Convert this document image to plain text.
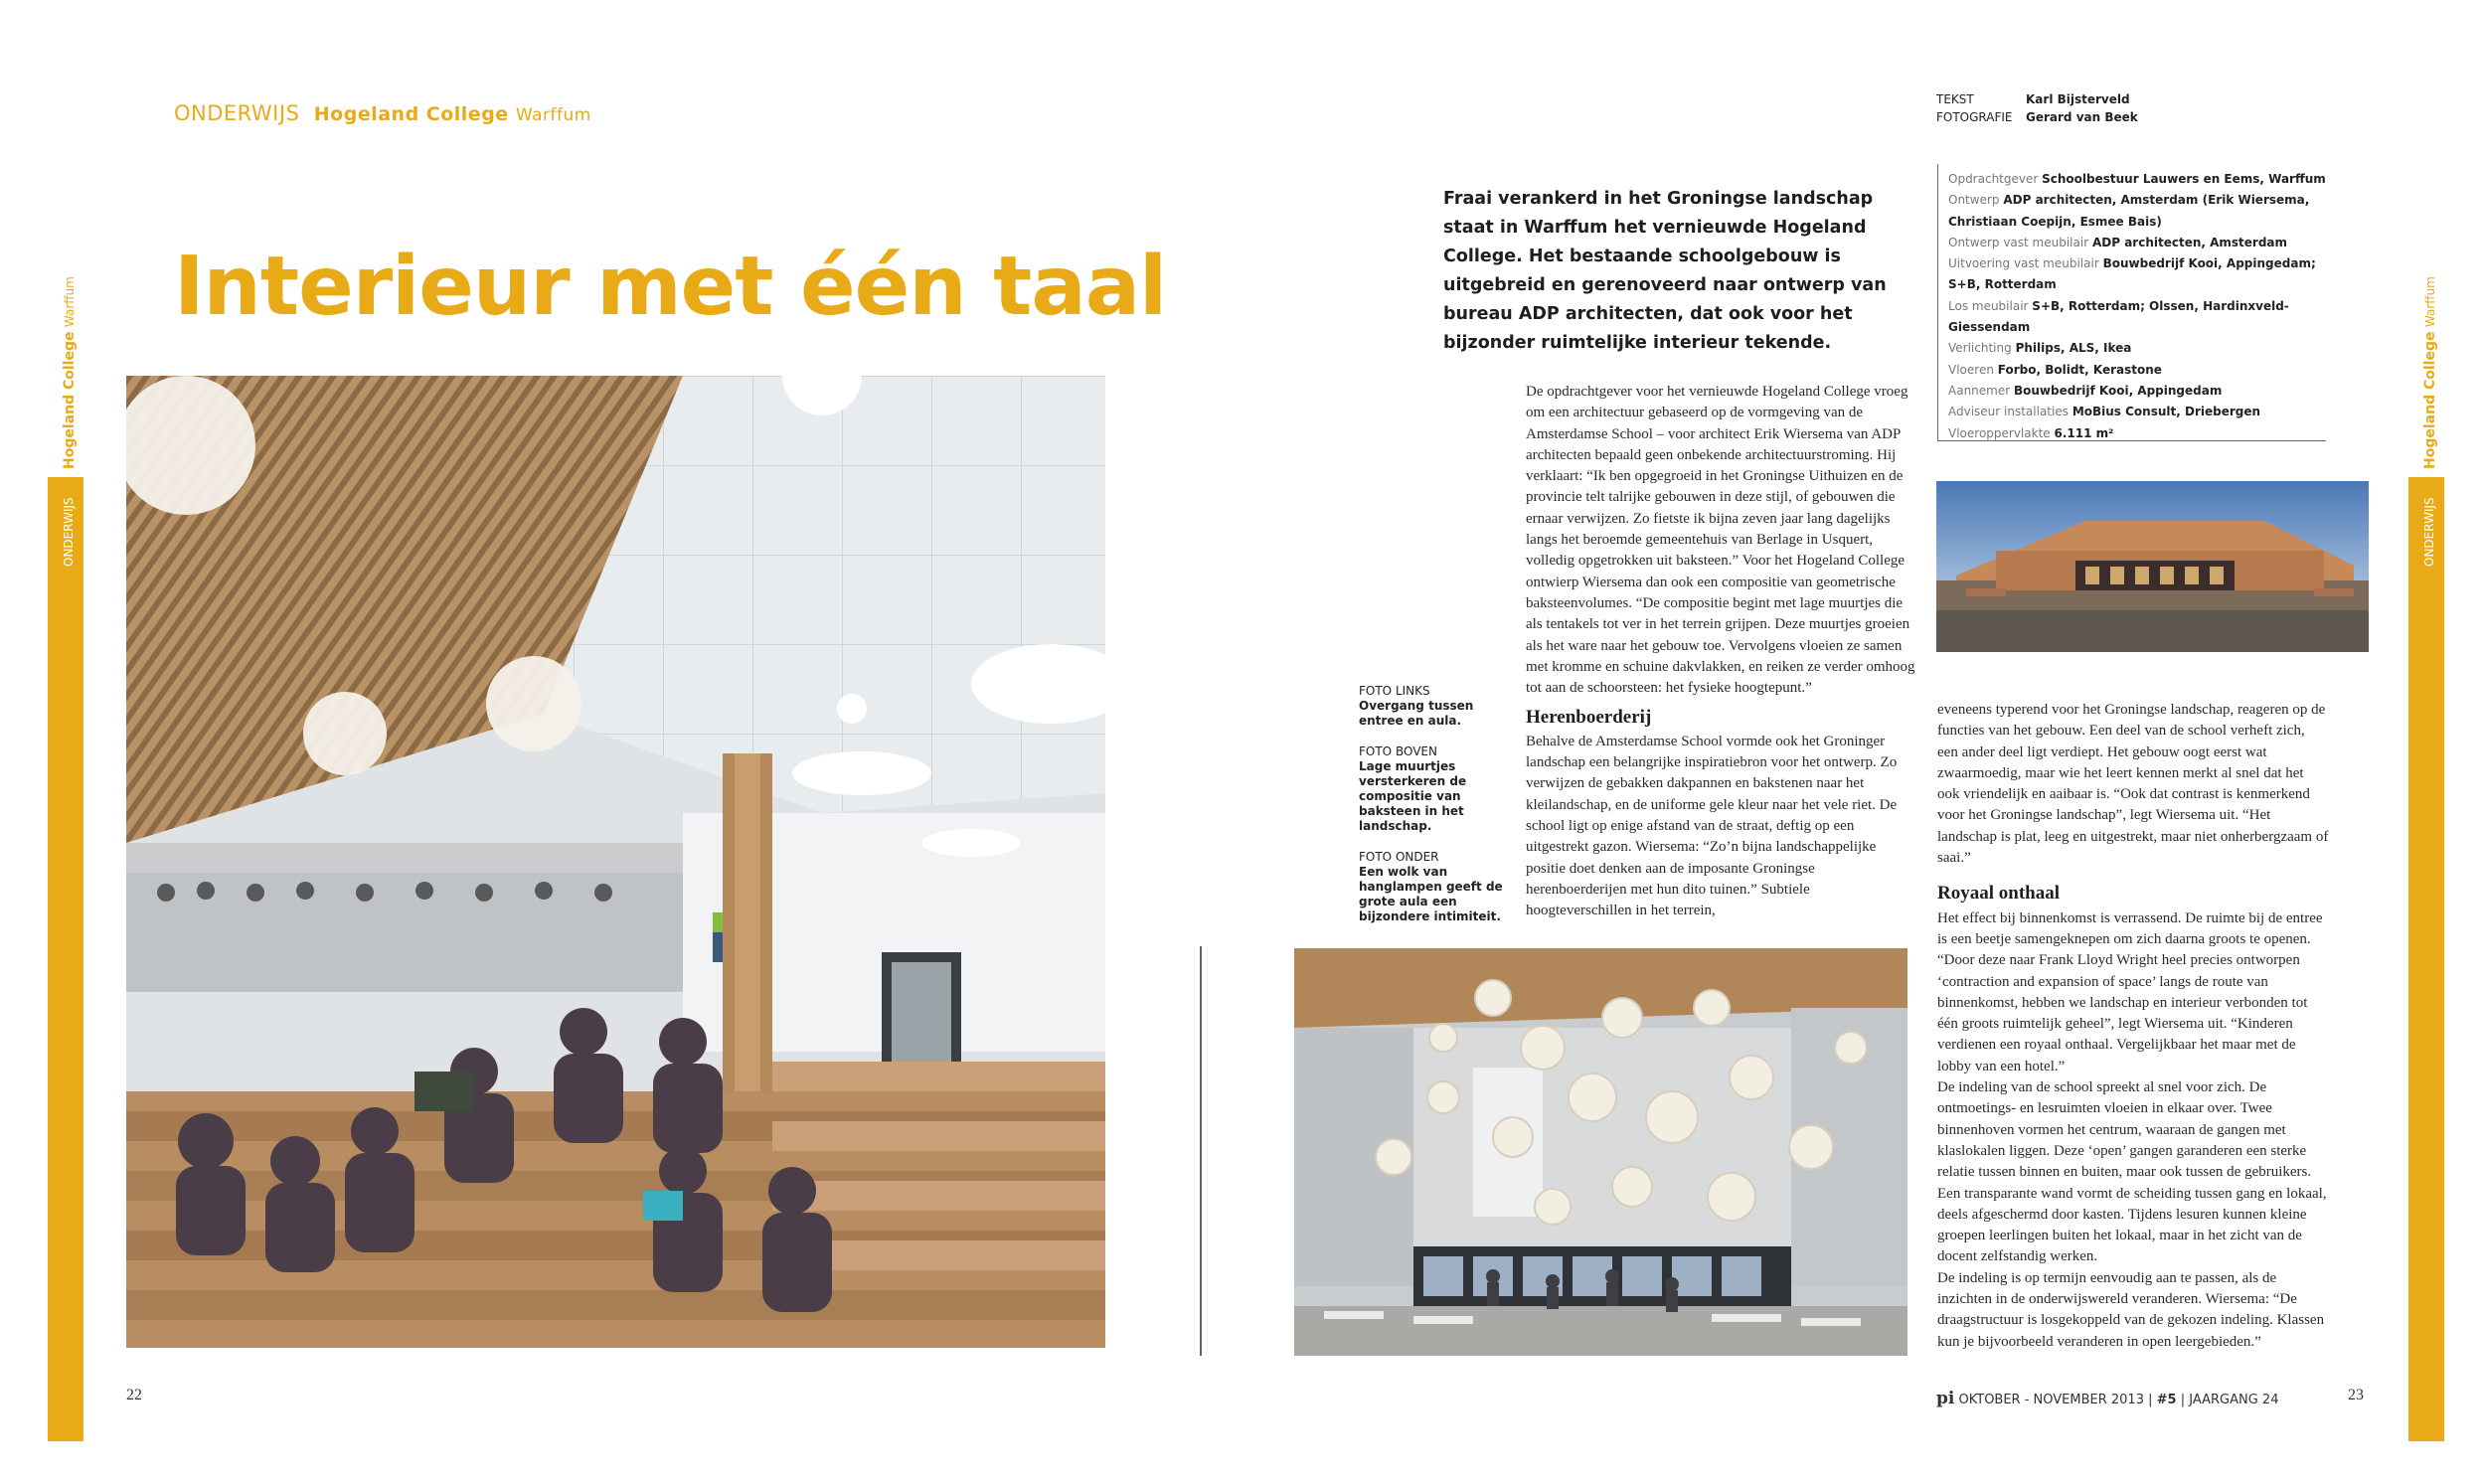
Hogeland College Warffum
ONDERWIJS
Hogeland College Warffum
ONDERWIJS
ONDERWIJS Hogeland College Warffum
Interieur met één taal
FOTO LINKS
Overgang tussen entree en aula.
FOTO BOVEN
Lage muurtjes versterkeren de compositie van baksteen in het landschap.
FOTO ONDER
Een wolk van hanglampen geeft de grote aula een bijzondere intimiteit.
TEKST	Karl Bijsterveld
FOTOGRAFIE Gerard van Beek
Fraai verankerd in het Groningse landschap staat in Warffum het vernieuwde Hogeland College. Het bestaande schoolgebouw is uitgebreid en gerenoveerd naar ontwerp van bureau ADP architecten, dat ook voor het bijzonder ruimtelijke interieur tekende.
Opdrachtgever Schoolbestuur Lauwers en Eems, Warffum
Ontwerp ADP architecten, Amsterdam (Erik Wiersema, Christiaan Coepijn, Esmee Bais)
Ontwerp vast meubilair ADP architecten, Amsterdam
Uitvoering vast meubilair Bouwbedrijf Kooi, Appingedam; S+B, Rotterdam
Los meubilair S+B, Rotterdam; Olssen, Hardinxveld-Giessendam
Verlichting Philips, ALS, Ikea
Vloeren Forbo, Bolidt, Kerastone
Aannemer Bouwbedrijf Kooi, Appingedam
Adviseur installaties MoBius Consult, Driebergen
Vloeroppervlakte 6.111 m²

De opdrachtgever voor het vernieuwde Hogeland College vroeg om een architectuur gebaseerd op de vormgeving van de Amsterdamse School – voor architect Erik Wiersema van ADP architecten bepaald geen onbekende architectuurstroming. Hij verklaart: “Ik ben opgegroeid in het Groningse Uithuizen en de provincie telt talrijke gebouwen in deze stijl, of gebouwen die ernaar verwijzen. Zo fietste ik bijna zeven jaar lang dagelijks langs het beroemde gemeentehuis van Berlage in Usquert, volledig opgetrokken uit baksteen.” Voor het Hogeland College ontwierp Wiersema dan ook een compositie van geometrische baksteenvolumes. “De compositie begint met lage muurtjes die als tentakels tot ver in het terrein grijpen. Deze muurtjes groeien als het ware naar het gebouw toe. Vervolgens vloeien ze samen met kromme en schuine dakvlakken, en reiken ze verder omhoog tot aan de schoorsteen: het fysieke hoogtepunt.”

Herenboerderij

Behalve de Amsterdamse School vormde ook het Groninger landschap een belangrijke inspiratiebron voor het ontwerp. Zo verwijzen de gebakken dakpannen en bakstenen naar het kleilandschap, en de uniforme gele kleur naar het vele riet. De school ligt op enige afstand van de straat, deftig op een uitgestrekt gazon. Wiersema: “Zo’n bijna landschappelijke positie doet denken aan de imposante Groningse herenboerderijen met hun dito tuinen.” Subtiele hoogteverschillen in het terrein,

eveneens typerend voor het Groningse landschap, reageren op de functies van het gebouw. Een deel van de school verheft zich, een ander deel ligt verdiept. Het gebouw oogt eerst wat zwaarmoedig, maar wie het leert kennen merkt al snel dat het ook vriendelijk en aaibaar is. “Ook dat contrast is kenmerkend voor het Groningse landschap”, legt Wiersema uit. “Het landschap is plat, leeg en uitgestrekt, maar niet onherbergzaam of saai.”

Royaal onthaal

Het effect bij binnenkomst is verrassend. De ruimte bij de entree is een beetje samengeknepen om zich daarna groots te openen. “Door deze naar Frank Lloyd Wright heel precies ontworpen ‘contraction and expansion of space’ langs de route van binnenkomst, hebben we landschap en interieur verbonden tot één groots ruimtelijk geheel”, legt Wiersema uit. “Kinderen verdienen een royaal onthaal. Vergelijkbaar het maar met de lobby van een hotel.”

De indeling van de school spreekt al snel voor zich. De ontmoetings- en lesruimten vloeien in elkaar over. Twee binnenhoven vormen het centrum, waaraan de gangen met klaslokalen liggen. Deze ‘open’ gangen garanderen een sterke relatie tussen binnen en buiten, maar ook tussen de gebruikers.

Een transparante wand vormt de scheiding tussen gang en lokaal, deels afgeschermd door kasten. Tijdens lesuren kunnen kleine groepen leerlingen buiten het lokaal, maar in het zicht van de docent zelfstandig werken.

De indeling is op termijn eenvoudig aan te passen, als de inzichten in de onderwijswereld veranderen. Wiersema: “De draagstructuur is losgekoppeld van de gekozen indeling. Klassen kun je bijvoorbeeld veranderen in open leergebieden.”

22	23
pi OKTOBER - NOVEMBER 2013 | #5 | JAARGANG 24
